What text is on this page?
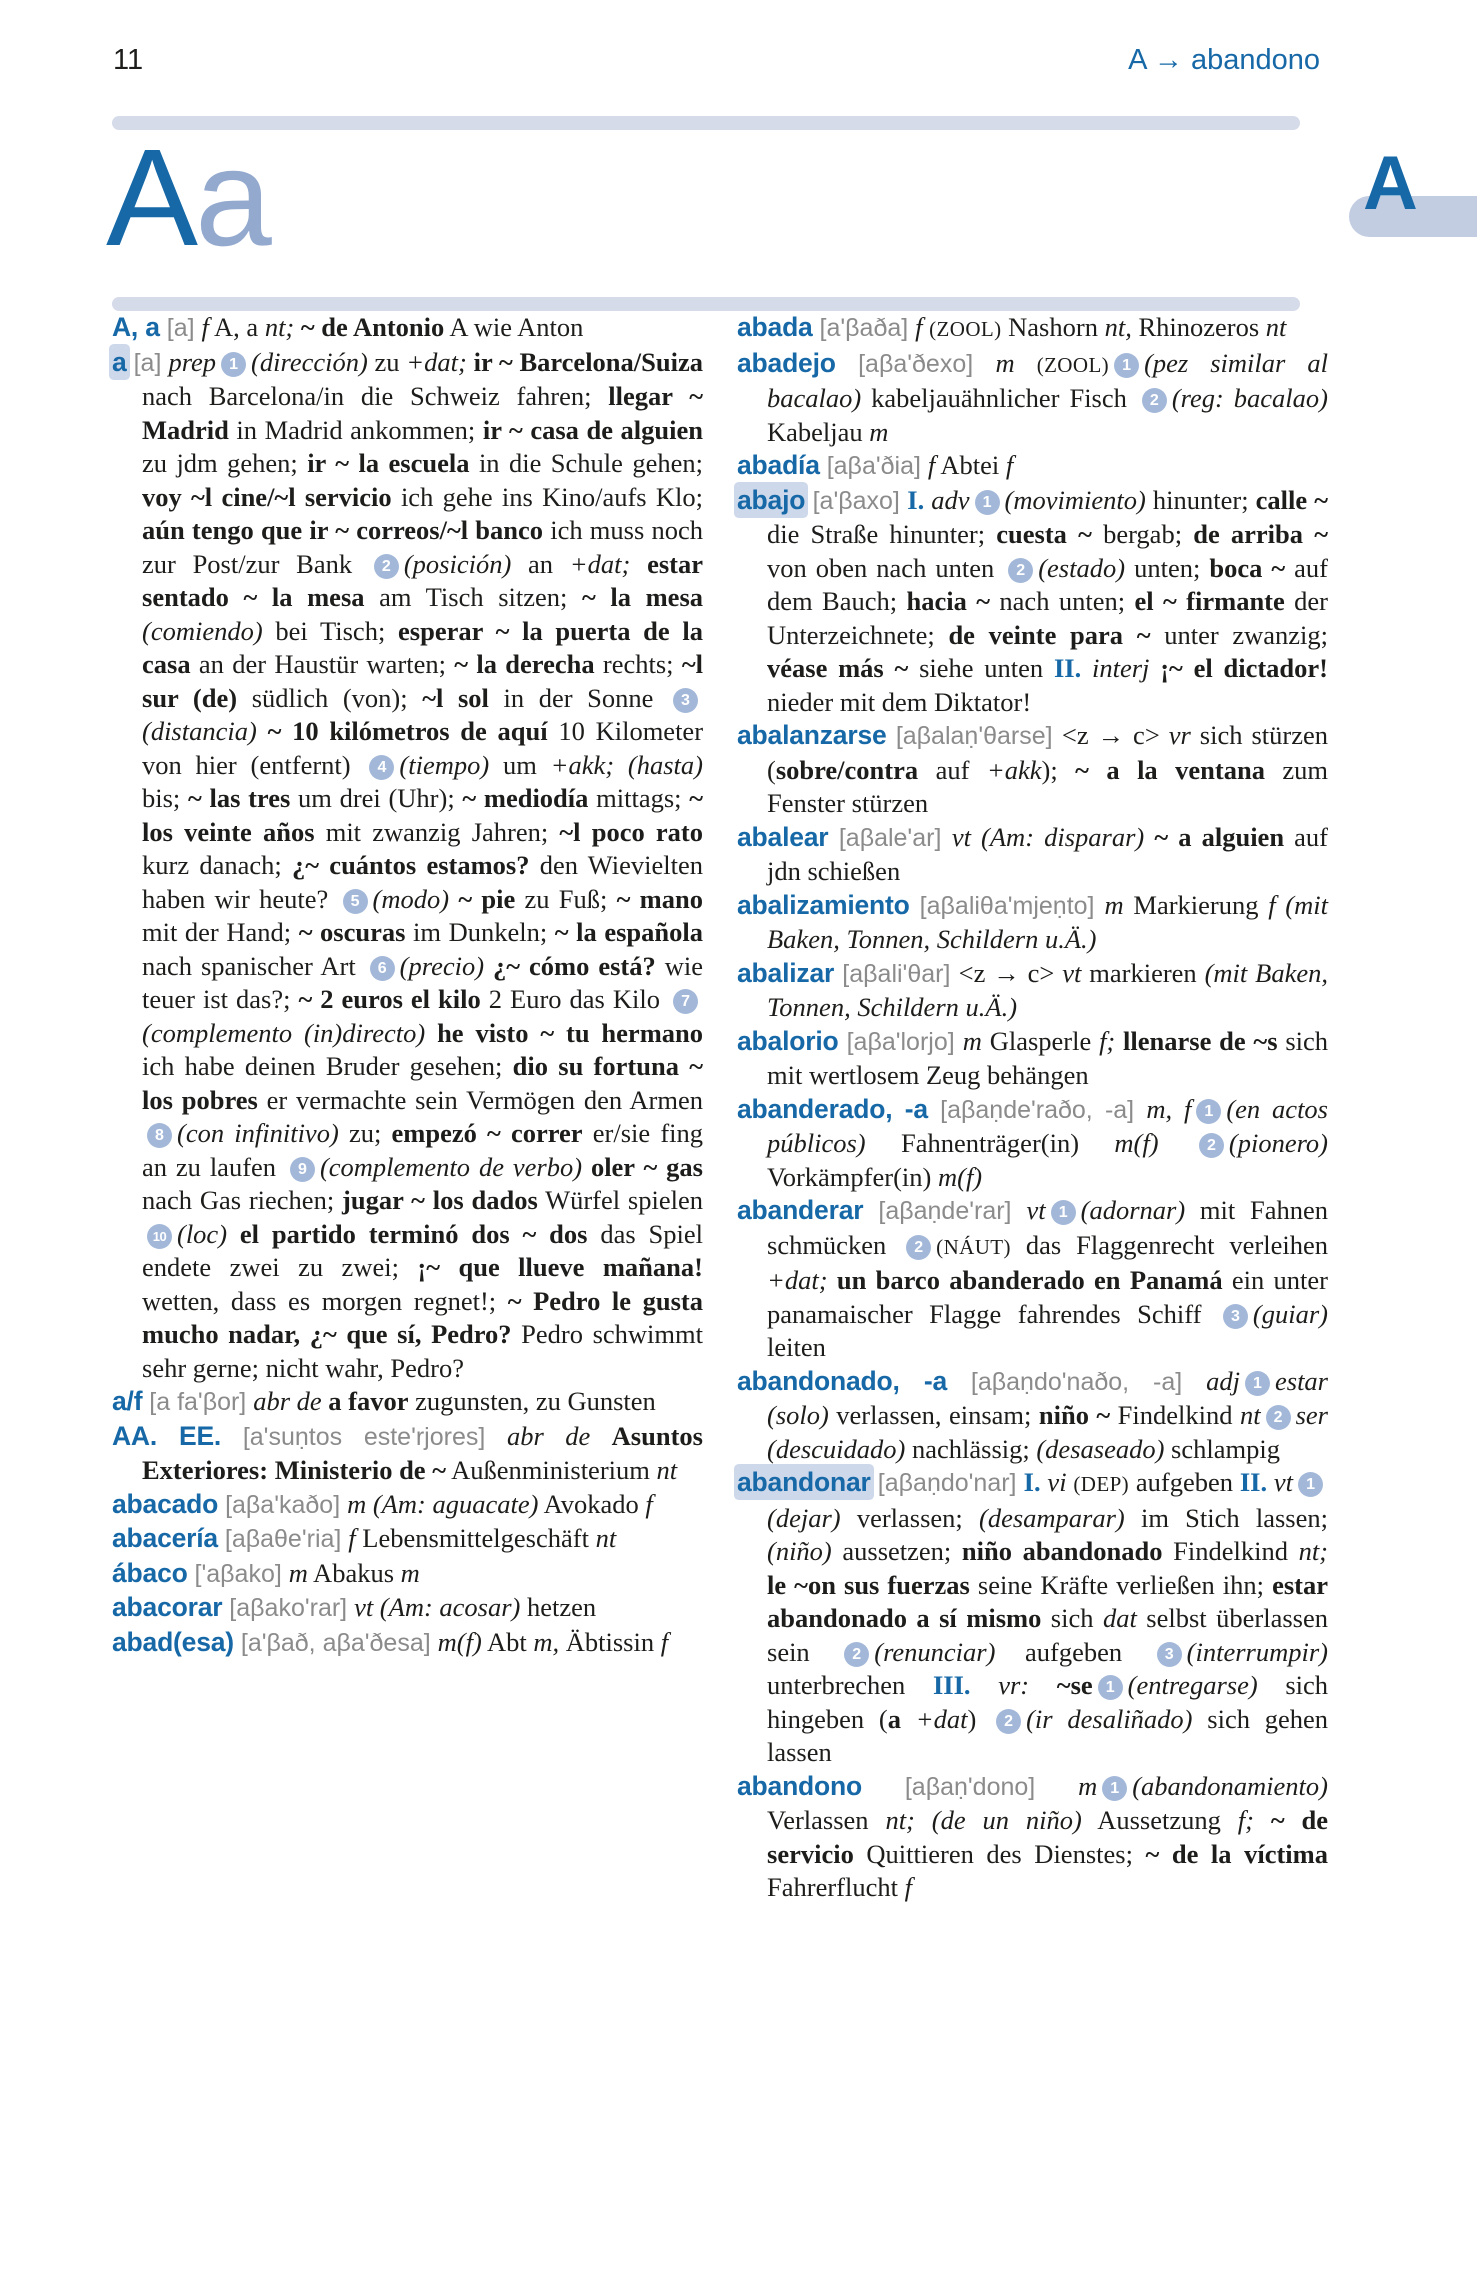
11	A → abandono
Aa	A

A, a [a] f A, a nt; ~ de Antonio A wie Anton

a [a] prep 1 (dirección) zu +dat; ir ~ Barcelona/Suiza nach Barcelona/in die Schweiz fahren; llegar ~ Madrid in Madrid ankommen; ir ~ casa de alguien zu jdm gehen; ir ~ la escuela in die Schule gehen; voy ~l cine/~l servicio ich gehe ins Kino/aufs Klo; aún tengo que ir ~ correos/~l banco ich muss noch zur Post/zur Bank 2 (posición) an +dat; estar sentado ~ la mesa am Tisch sitzen; ~ la mesa (comiendo) bei Tisch; esperar ~ la puerta de la casa an der Haustür warten; ~ la derecha rechts; ~l sur (de) südlich (von); ~l sol in der Sonne 3(distancia) ~ 10 kilómetros de aquí 10 Kilometer von hier (entfernt) 4 (tiempo) um +akk; (hasta) bis; ~ las tres um drei (Uhr); ~ mediodía mittags; ~ los veinte años mit zwanzig Jahren; ~l poco rato kurz danach; ¿~ cuántos estamos? den Wievielten haben wir heute? 5 (modo) ~ pie zu Fuß; ~ mano mit der Hand; ~ oscuras im Dunkeln; ~ la española nach spanischer Art 6 (precio) ¿~ cómo está? wie teuer ist das?; ~ 2 euros el kilo 2 Euro das Kilo 7(complemento (in)directo) he visto ~ tu hermano ich habe deinen Bruder gesehen; dio su fortuna ~ los pobres er vermachte sein Vermögen den Armen 8 (con infinitivo) zu; empezó ~ correr er/sie fing an zu laufen 9 (complemento de verbo) oler ~ gas nach Gas riechen; jugar ~ los dados Würfel spielen 10 (loc) el partido terminó dos ~ dos das Spiel endete zwei zu zwei; ¡~ que llueve mañana! wetten, dass es morgen regnet!; ~ Pedro le gusta mucho nadar, ¿~ que sí, Pedro? Pedro schwimmt sehr gerne; nicht wahr, Pedro?

a/f [a fa'βor] abr de a favor zugunsten, zu Gunsten

AA. EE. [a'suṇtos este'rjores] abr de Asuntos Exteriores: Ministerio de ~ Außenministerium nt

abacado [aβa'kaðo] m (Am: aguacate) Avokado f

abacería [aβaθe'ria] f Lebensmittelgeschäft nt

ábaco ['aβako] m Abakus m

abacorar [aβako'rar] vt (Am: acosar) hetzen

abad(esa) [a'βað, aβa'ðesa] m(f) Abt m, Äbtissin f

abada [a'βaða] f (ZOOL) Nashorn nt, Rhinozeros nt

abadejo [aβa'ðexo] m (ZOOL) 1 (pez similar al bacalao) kabeljauähnlicher Fisch 2 (reg: bacalao) Kabeljau m

abadía [aβa'ðia] f Abtei f

abajo [a'βaxo] I. adv 1 (movimiento) hinunter; calle ~ die Straße hinunter; cuesta ~ bergab; de arriba ~ von oben nach unten 2 (estado) unten; boca ~ auf dem Bauch; hacia ~ nach unten; el ~ firmante der Unterzeichnete; de veinte para ~ unter zwanzig; véase más ~ siehe unten II. interj ¡~ el dictador! nieder mit dem Diktator!

abalanzarse [aβalaṇ'θarse] <z → c> vr sich stürzen (sobre/contra auf +akk); ~ a la ventana zum Fenster stürzen

abalear [aβale'ar] vt (Am: disparar) ~ a alguien auf jdn schießen

abalizamiento [aβaliθa'mjeṇto] m Markierung f (mit Baken, Tonnen, Schildern u.Ä.)

abalizar [aβali'θar] <z → c> vt markieren (mit Baken, Tonnen, Schildern u.Ä.)

abalorio [aβa'lorjo] m Glasperle f; llenarse de ~s sich mit wertlosem Zeug behängen

abanderado, -a [aβaṇde'raðo, -a] m, f 1 (en actos públicos) Fahnenträger(in) m(f)	2 (pionero) Vorkämpfer(in) m(f)

abanderar [aβaṇde'rar] vt 1 (adornar) mit Fahnen schmücken 2 (NÁUT) das Flaggenrecht verleihen +dat; un barco abanderado en Panamá ein unter panamaischer Flagge fahrendes Schiff 3 (guiar) leiten

abandonado, -a [aβaṇdo'naðo, -a] adj 1 estar (solo) verlassen, einsam; niño ~ Findelkind nt 2 ser (descuidado) nachlässig; (desaseado) schlampig

abandonar [aβaṇdo'nar] I. vi (DEP) aufgeben II. vt 1(dejar) verlassen; (desamparar) im Stich lassen; (niño) aussetzen; niño abandonado Findelkind nt; le ~on sus fuerzas seine Kräfte verließen ihn; estar abandonado a sí mismo sich dat selbst überlassen sein 2 (renunciar) aufgeben 3 (interrumpir) unterbrechen III. vr: ~se 1 (entregarse) sich hingeben (a +dat) 2 (ir desaliñado) sich gehen lassen

abandono [aβaṇ'dono] m 1 (abandonamiento) Verlassen nt; (de un niño) Aussetzung f; ~ de servicio Quittieren des Dienstes; ~ de la víctima Fahrerflucht f
